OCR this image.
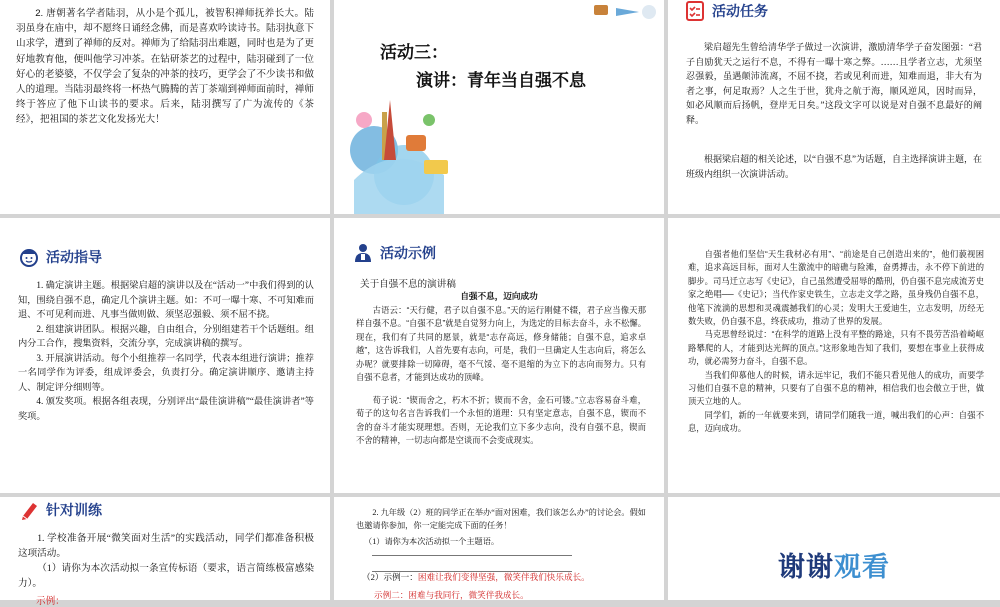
2. 唐朝著名学者陆羽，从小是个孤儿，被智积禅师抚养长大。陆羽虽身在庙中，却不愿终日诵经念佛，而是喜欢吟读诗书。陆羽执意下山求学，遭到了禅师的反对。禅师为了给陆羽出难题，同时也是为了更好地教育他，便叫他学习冲茶。在钻研茶艺的过程中，陆羽碰到了一位好心的老婆婆，不仅学会了复杂的冲茶的技巧，更学会了不少读书和做人的道理。当陆羽最终将一杯热气腾腾的苦丁茶端到禅师面前时，禅师终于答应了他下山读书的要求。后来，陆羽撰写了广为流传的《茶经》，把祖国的茶艺文化发扬光大！

活动三：
演讲：青年当自强不息
活动任务

梁启超先生曾给清华学子做过一次演讲，激励清华学子奋发图强：“君子自励犹天之运行不息，不得有一曝十寒之弊。……且学者立志，尤须坚忍强毅，虽遇颠沛流离，不屈不挠，若或见利而进，知难而退，非大有为者之事，何足取焉？人之生于世，犹舟之航于海，顺风逆风，因时而异，如必风顺而后扬帆，登岸无日矣。”这段文字可以说是对自强不息最好的阐释。

根据梁启超的相关论述，以“自强不息”为话题，自主选择演讲主题，在班级内组织一次演讲活动。

活动指导

1. 确定演讲主题。根据梁启超的演讲以及在“活动一”中我们得到的认知，围绕自强不息，确定几个演讲主题。如：不可一曝十寒、不可知难而退、不可见利而进、凡事当做则做、须坚忍强毅、须不屈不挠。

2. 组建演讲团队。根据兴趣，自由组合，分别组建若干个话题组。组内分工合作，搜集资料，交流分享，完成演讲稿的撰写。

3. 开展演讲活动。每个小组推荐一名同学，代表本组进行演讲；推荐一名同学作为评委，组成评委会，负责打分。确定演讲顺序、邀请主持人、制定评分细则等。

4. 颁发奖项。根据各组表现，分别评出“最佳演讲稿”“最佳演讲者”等奖项。

活动示例
关于自强不息的演讲稿
自强不息，迈向成功

古语云：“天行健，君子以自强不息。”天的运行刚健不辍，君子应当像天那样自强不息。“自强不息”就是自觉努力向上，为选定的目标去奋斗，永不松懈。现在，我们有了共同的愿景，就是“志存高远，修身储能；自强不息，追求卓越”，这告诉我们，人首先要有志向，可是，我们一旦确定人生志向后，将怎么办呢？就要排除一切障碍，毫不气馁、毫不退缩的为立下的志向而努力。只有自强不息者，才能到达成功的顶峰。

荀子说：“锲而舍之，朽木不折；锲而不舍，金石可镂。”立志容易奋斗难，荀子的这句名言告诉我们一个永恒的道理：只有坚定意志，自强不息，锲而不舍的奋斗才能实现理想。否则，无论我们立下多少志向，没有自强不息，锲而不舍的精神，一切志向都是空谈而不会变成现实。

自强者他们坚信“天生我材必有用”、“前途是自己创造出来的”，他们藐视困难，追求高远目标，面对人生激流中的暗礁与险滩，奋勇搏击，永不停下前进的脚步。司马迁立志写《史记》，自己虽然遭受屈辱的酷刑，仍自强不息完成流芳史家之绝唱──《史记》；当代作家史铁生，立志走文学之路，虽身残仍自强不息，他笔下流淌的思想和灵魂震撼我们的心灵；发明大王爱迪生，立志发明，历经无数失败，仍自强不息，终获成功，推动了世界的发展。

马克思曾经说过：“在科学的道路上没有平整的路途，只有不畏劳苦沿着崎岖路攀爬的人，才能到达光辉的顶点。”这形象地告知了我们，要想在事业上获得成功，就必需努力奋斗，自强不息。

当我们仰慕他人的时候，请永远牢记，我们不能只看见他人的成功，而要学习他们自强不息的精神，只要有了自强不息的精神，相信我们也会傲立于世，做顶天立地的人。

同学们，新的一年就要来到，请同学们随我一道，喊出我们的心声：自强不息，迈向成功。

针对训练

1. 学校准备开展“微笑面对生活”的实践活动，同学们都准备积极这项活动。

（1）请你为本次活动拟一条宣传标语（要求，语言简练极富感染力）。

示例：　　　　

2. 九年级（2）班的同学正在举办“面对困难，我们该怎么办”的讨论会。假如也邀请你参加，你一定能完成下面的任务！

（1）请你为本次活动拟一个主题语。

（2）示例一：困难让我们变得坚强，微笑伴我们快乐成长。
示例二：困难与我同行，微笑伴我成长。
谢谢观看
